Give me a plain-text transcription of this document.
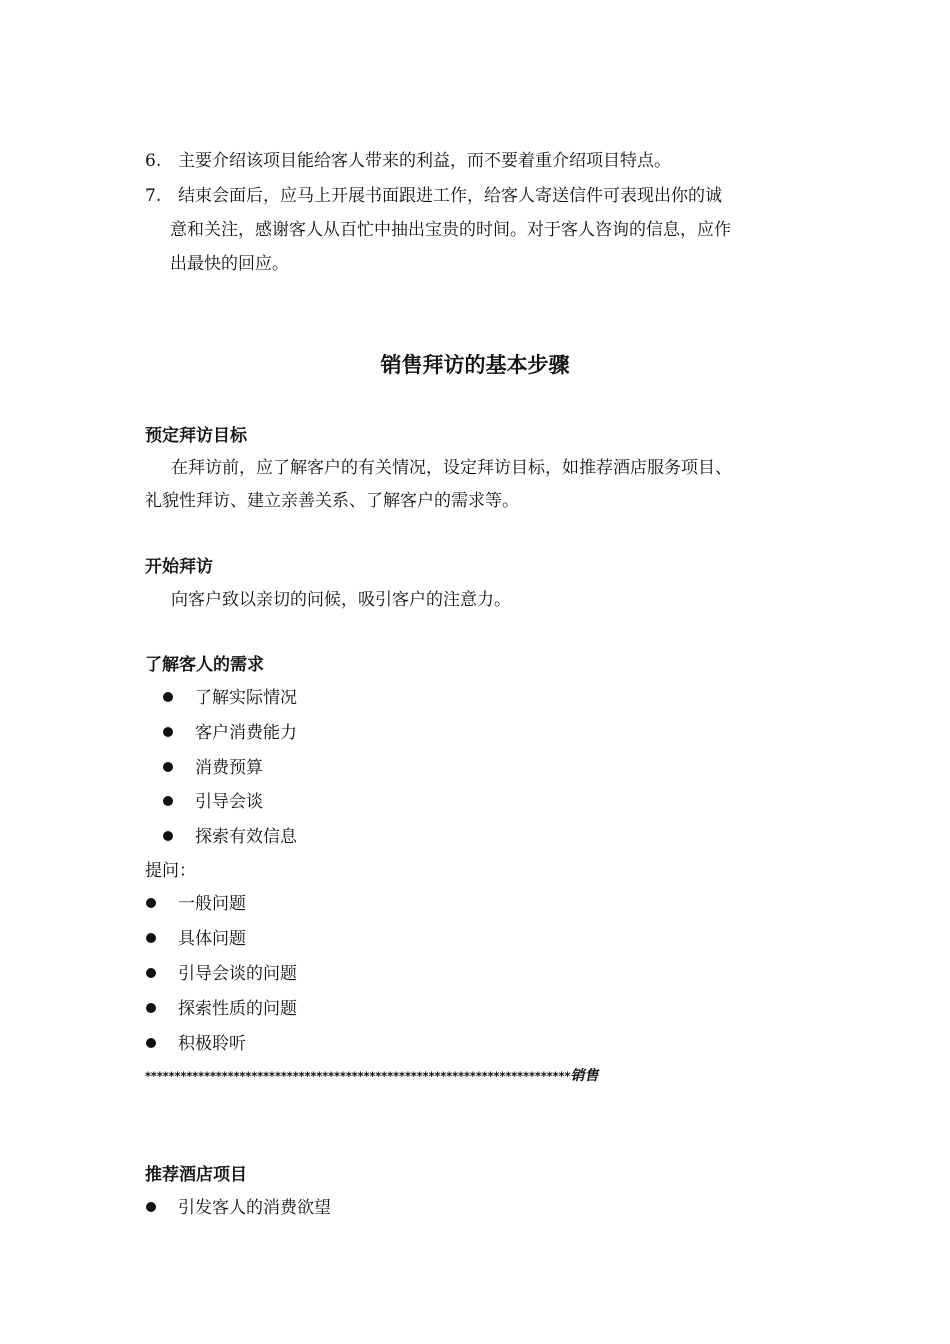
6. 主要介绍该项目能给客人带来的利益，而不要着重介绍项目特点。
7. 结束会面后，应马上开展书面跟进工作，给客人寄送信件可表现出你的诚
意和关注，感谢客人从百忙中抽出宝贵的时间。对于客人咨询的信息，应作
出最快的回应。
销售拜访的基本步骤
预定拜访目标
在拜访前，应了解客户的有关情况，设定拜访目标，如推荐酒店服务项目、
礼貌性拜访、建立亲善关系、了解客户的需求等。
开始拜访
向客户致以亲切的问候，吸引客户的注意力。
了解客人的需求
了解实际情况
客户消费能力
消费预算
引导会谈
探索有效信息
提问：
一般问题
具体问题
引导会谈的问题
探索性质的问题
积极聆听
************************************************************************销售
推荐酒店项目
引发客人的消费欲望
